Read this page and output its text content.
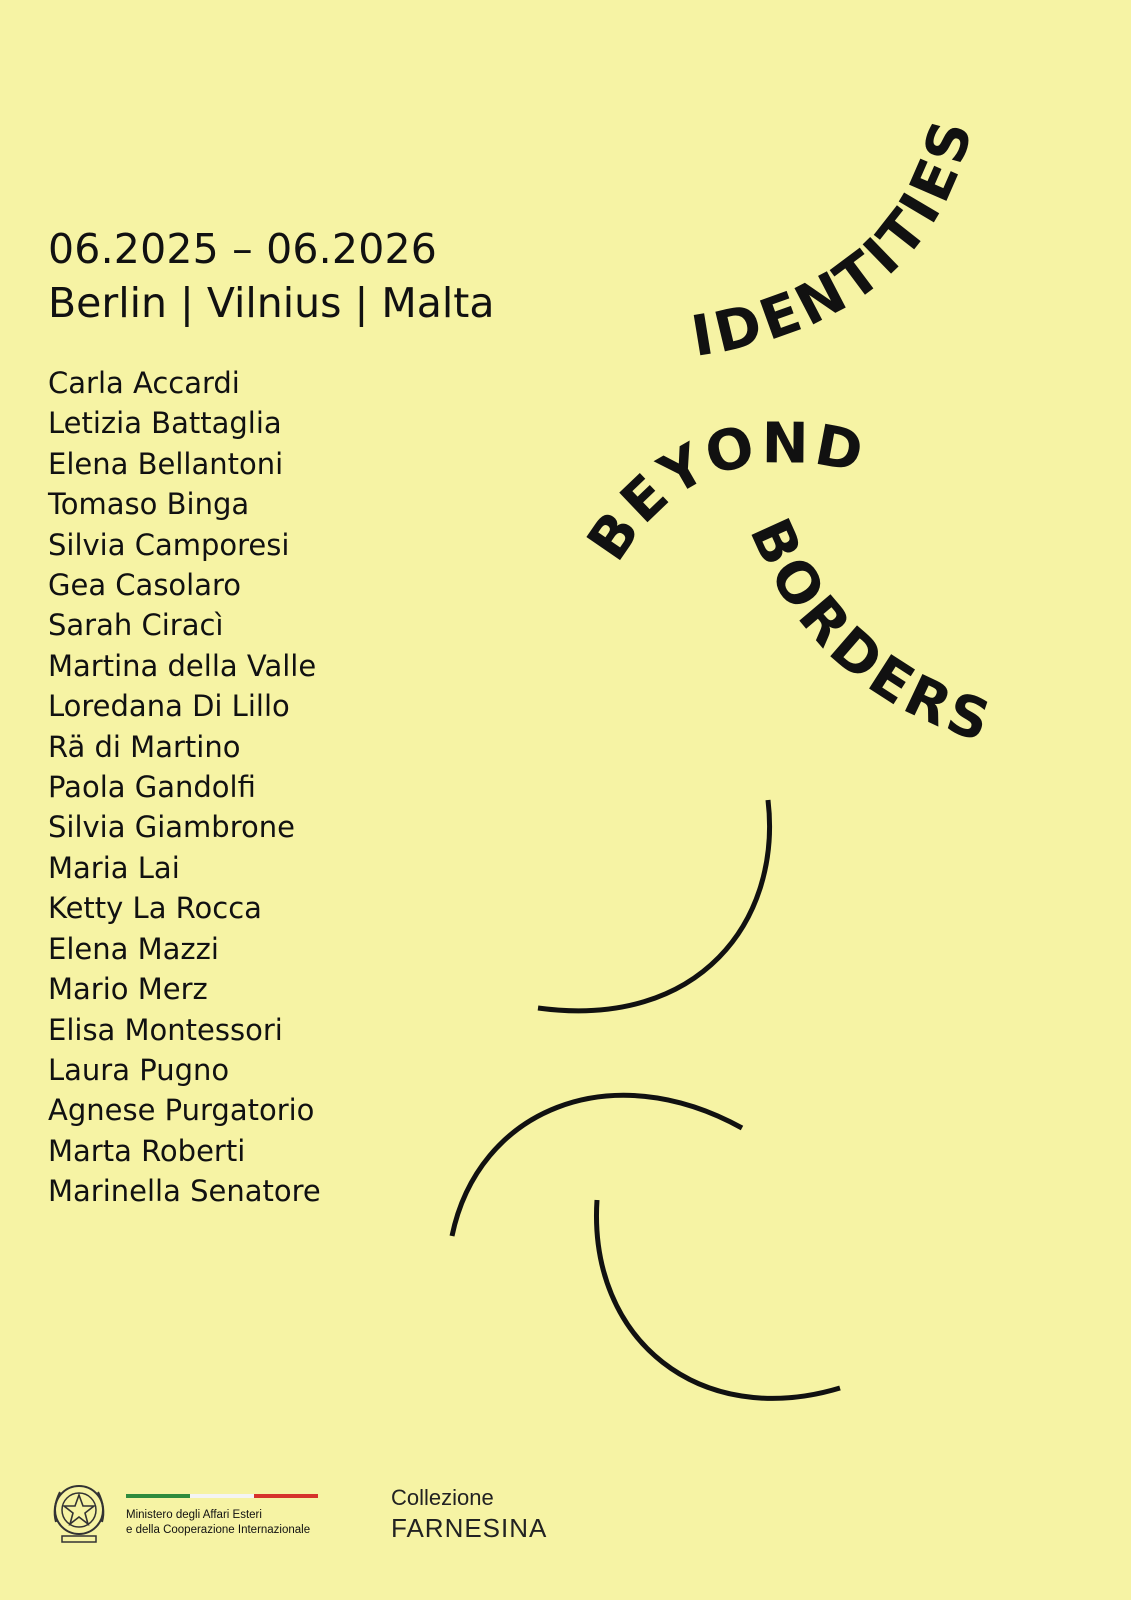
06.2025 – 06.2026
Berlin | Vilnius | Malta
Carla Accardi
Letizia Battaglia
Elena Bellantoni
Tomaso Binga
Silvia Camporesi
Gea Casolaro
Sarah Ciracì
Martina della Valle
Loredana Di Lillo
Rä di Martino
Paola Gandolfi
Silvia Giambrone
Maria Lai
Ketty La Rocca
Elena Mazzi
Mario Merz
Elisa Montessori
Laura Pugno
Agnese Purgatorio
Marta Roberti
Marinella Senatore
IDENTITIES
BEYOND
BORDERS
Ministero degli Affari Esteri
e della Cooperazione Internazionale
Collezione
FARNESINA
